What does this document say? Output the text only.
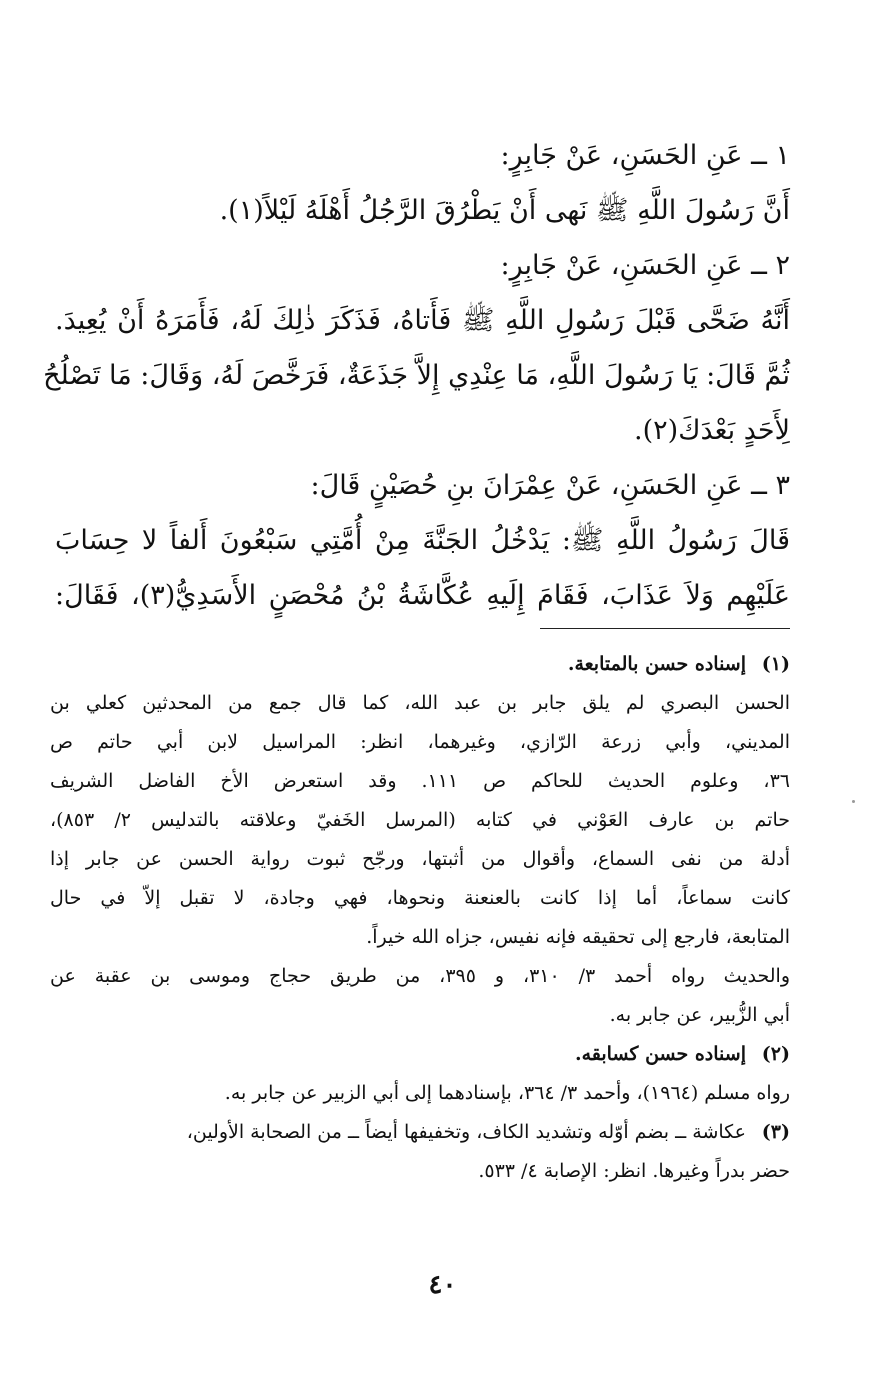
١ ــ عَنِ الحَسَنِ، عَنْ جَابِرٍ:
أَنَّ رَسُولَ اللَّهِ ﷺ نَهى أَنْ يَطْرُقَ الرَّجُلُ أَهْلَهُ لَيْلاً(١).
٢ ــ عَنِ الحَسَنِ، عَنْ جَابِرٍ:
أَنَّهُ ضَحَّى قَبْلَ رَسُولِ اللَّهِ ﷺ فَأَتاهُ، فَذَكَرَ ذٰلِكَ لَهُ، فَأَمَرَهُ أَنْ يُعِيدَ.
ثُمَّ قَالَ: يَا رَسُولَ اللَّهِ، مَا عِنْدِي إِلاَّ جَذَعَةٌ، فَرَخَّصَ لَهُ، وَقَالَ: مَا تَصْلُحُ
لِأَحَدٍ بَعْدَكَ(٢).
٣ ــ عَنِ الحَسَنِ، عَنْ عِمْرَانَ بنِ حُصَيْنٍ قَالَ:
قَالَ رَسُولُ اللَّهِ ﷺ: يَدْخُلُ الجَنَّةَ مِنْ أُمَّتِي سَبْعُونَ أَلفاً لا حِسَابَ
عَلَيْهِم وَلاَ عَذَابَ، فَقَامَ إِلَيهِ عُكَّاشَةُ بْنُ مُحْصَنٍ الأَسَدِيُّ(٣)، فَقَالَ:
(١)إسناده حسن بالمتابعة.
الحسن البصري لم يلق جابر بن عبد الله، كما قال جمع من المحدثين كعلي بن
المديني، وأبي زرعة الرّازي، وغيرهما، انظر: المراسيل لابن أبي حاتم ص
٣٦، وعلوم الحديث للحاكم ص ١١١. وقد استعرض الأخ الفاضل الشريف
حاتم بن عارف العَوْني في كتابه (المرسل الخَفيّ وعلاقته بالتدليس ٢/ ٨٥٣)،
أدلة من نفى السماع، وأقوال من أثبتها، ورجّح ثبوت رواية الحسن عن جابر إذا
كانت سماعاً، أما إذا كانت بالعنعنة ونحوها، فهي وجادة، لا تقبل إلاّ في حال
المتابعة، فارجع إلى تحقيقه فإنه نفيس، جزاه الله خيراً.
والحديث رواه أحمد ٣/ ٣١٠، و ٣٩٥، من طريق حجاج وموسى بن عقبة عن
أبي الزُّبير، عن جابر به.
(٢)إسناده حسن كسابقه.
رواه مسلم (١٩٦٤)، وأحمد ٣/ ٣٦٤، بإسنادهما إلى أبي الزبير عن جابر به.
(٣)عكاشة ــ بضم أوّله وتشديد الكاف، وتخفيفها أيضاً ــ من الصحابة الأولين،
حضر بدراً وغيرها. انظر: الإصابة ٤/ ٥٣٣.
٤٠
